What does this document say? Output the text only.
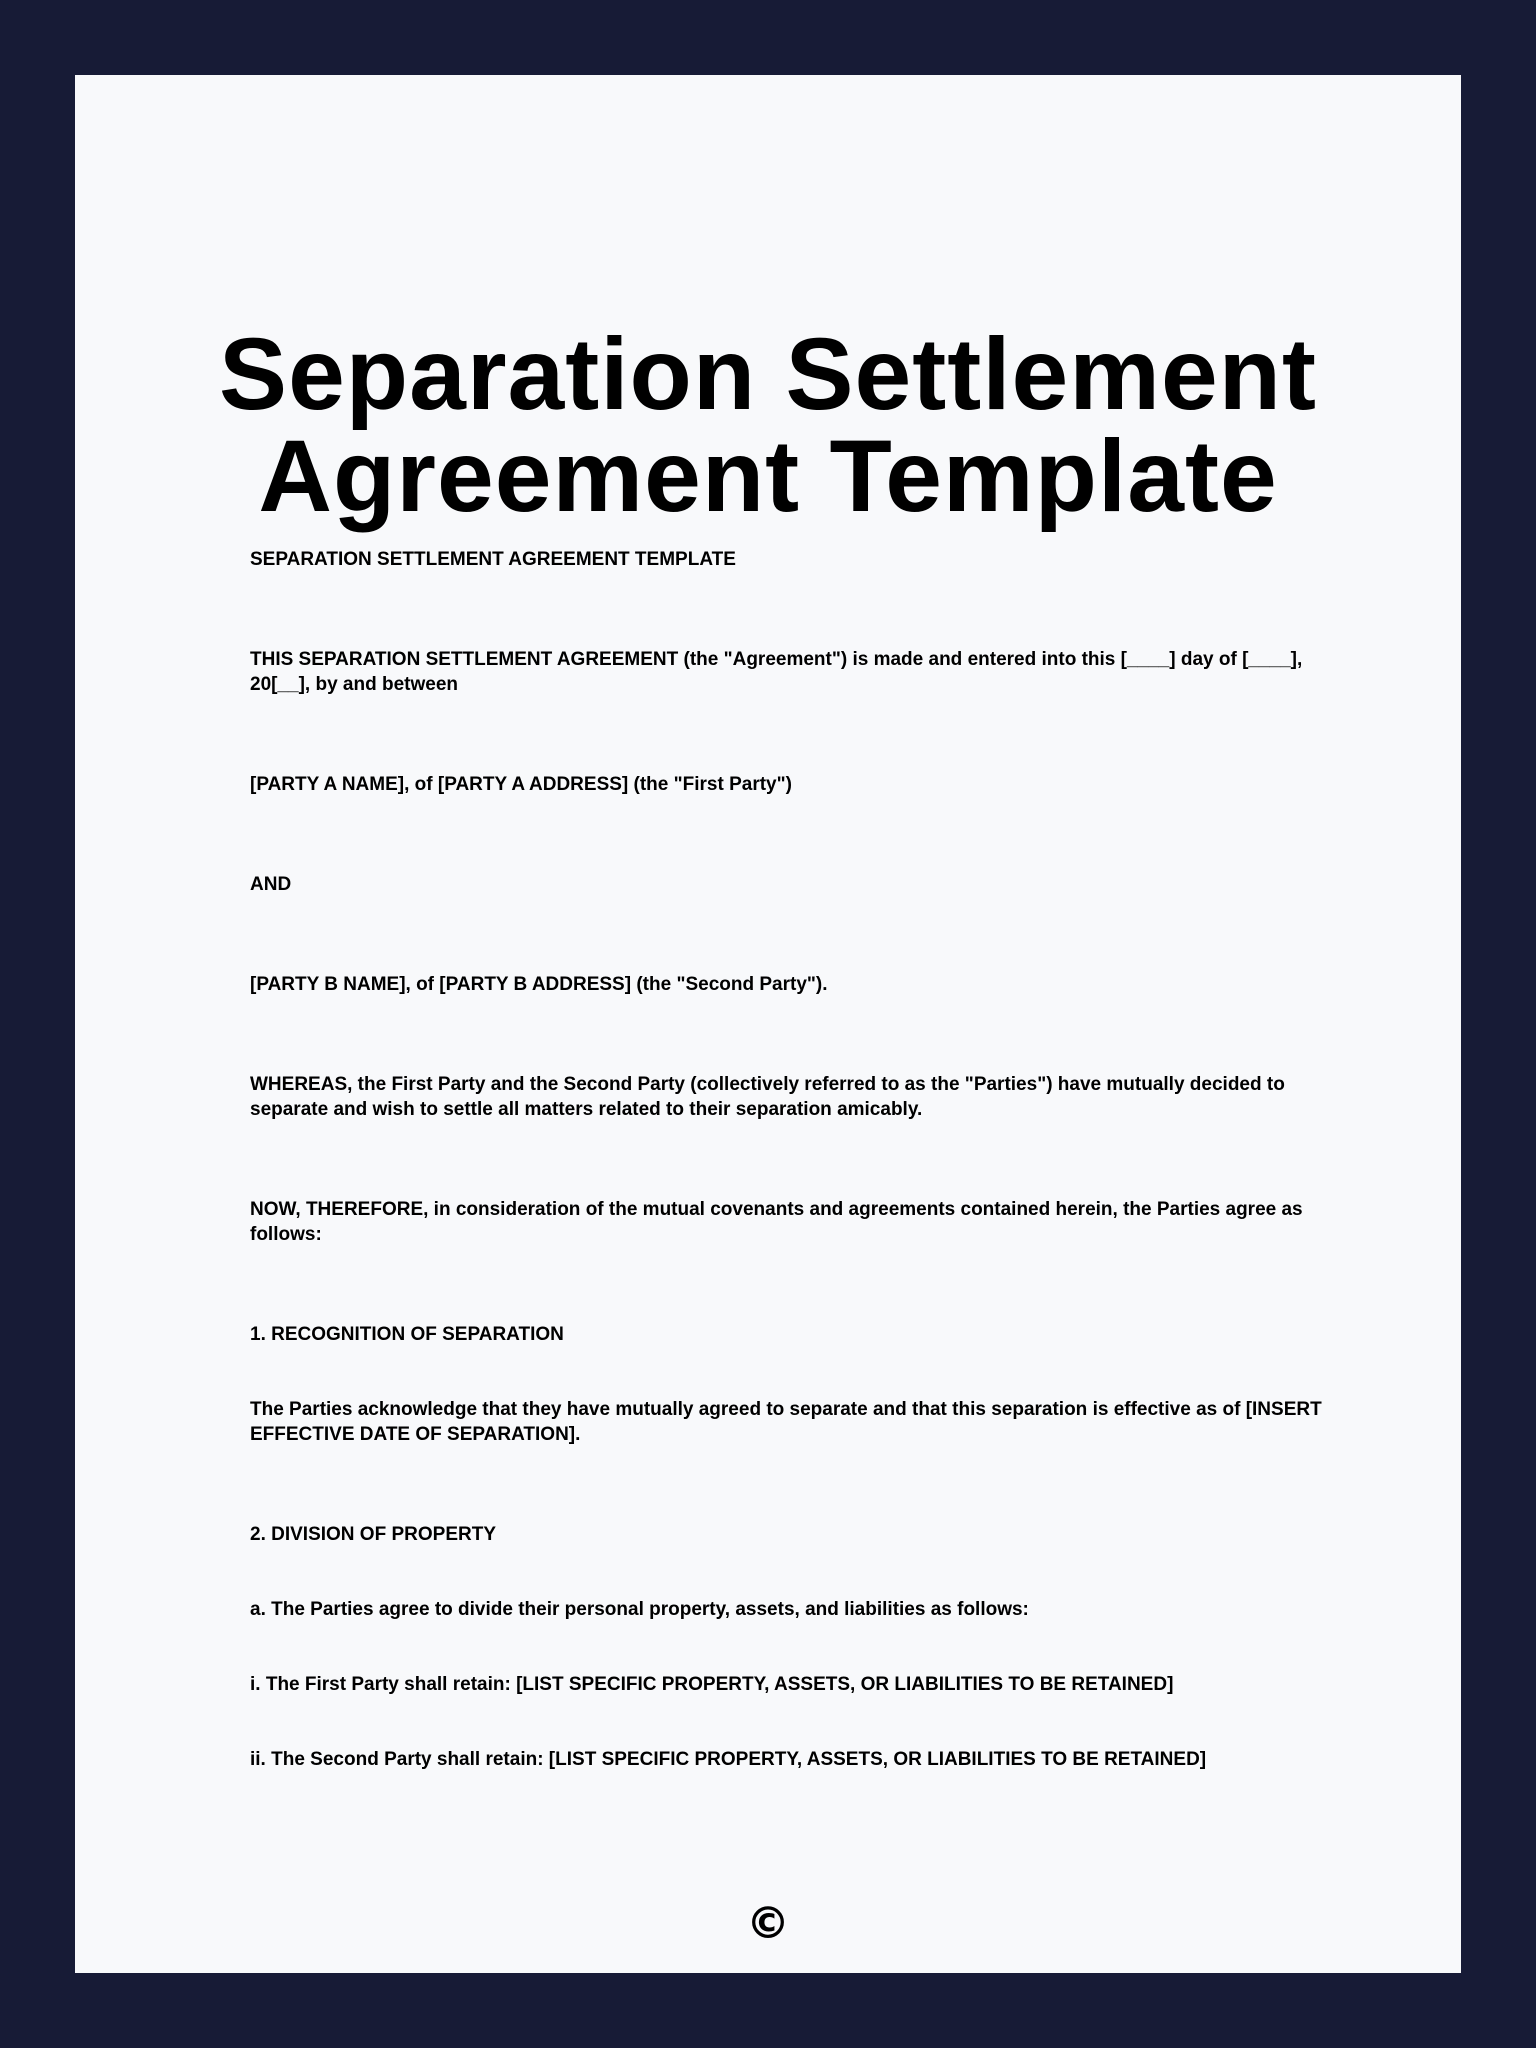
Separation Settlement
Agreement Template

SEPARATION SETTLEMENT AGREEMENT TEMPLATE

THIS SEPARATION SETTLEMENT AGREEMENT (the "Agreement") is made and entered into this [____] day of [____], 20[__], by and between

[PARTY A NAME], of [PARTY A ADDRESS] (the "First Party")

AND

[PARTY B NAME], of [PARTY B ADDRESS] (the "Second Party").

WHEREAS, the First Party and the Second Party (collectively referred to as the "Parties") have mutually decided to separate and wish to settle all matters related to their separation amicably.

NOW, THEREFORE, in consideration of the mutual covenants and agreements contained herein, the Parties agree as follows:

1. RECOGNITION OF SEPARATION

The Parties acknowledge that they have mutually agreed to separate and that this separation is effective as of [INSERT EFFECTIVE DATE OF SEPARATION].

2. DIVISION OF PROPERTY

a. The Parties agree to divide their personal property, assets, and liabilities as follows:

i. The First Party shall retain: [LIST SPECIFIC PROPERTY, ASSETS, OR LIABILITIES TO BE RETAINED]

ii. The Second Party shall retain: [LIST SPECIFIC PROPERTY, ASSETS, OR LIABILITIES TO BE RETAINED]

©
